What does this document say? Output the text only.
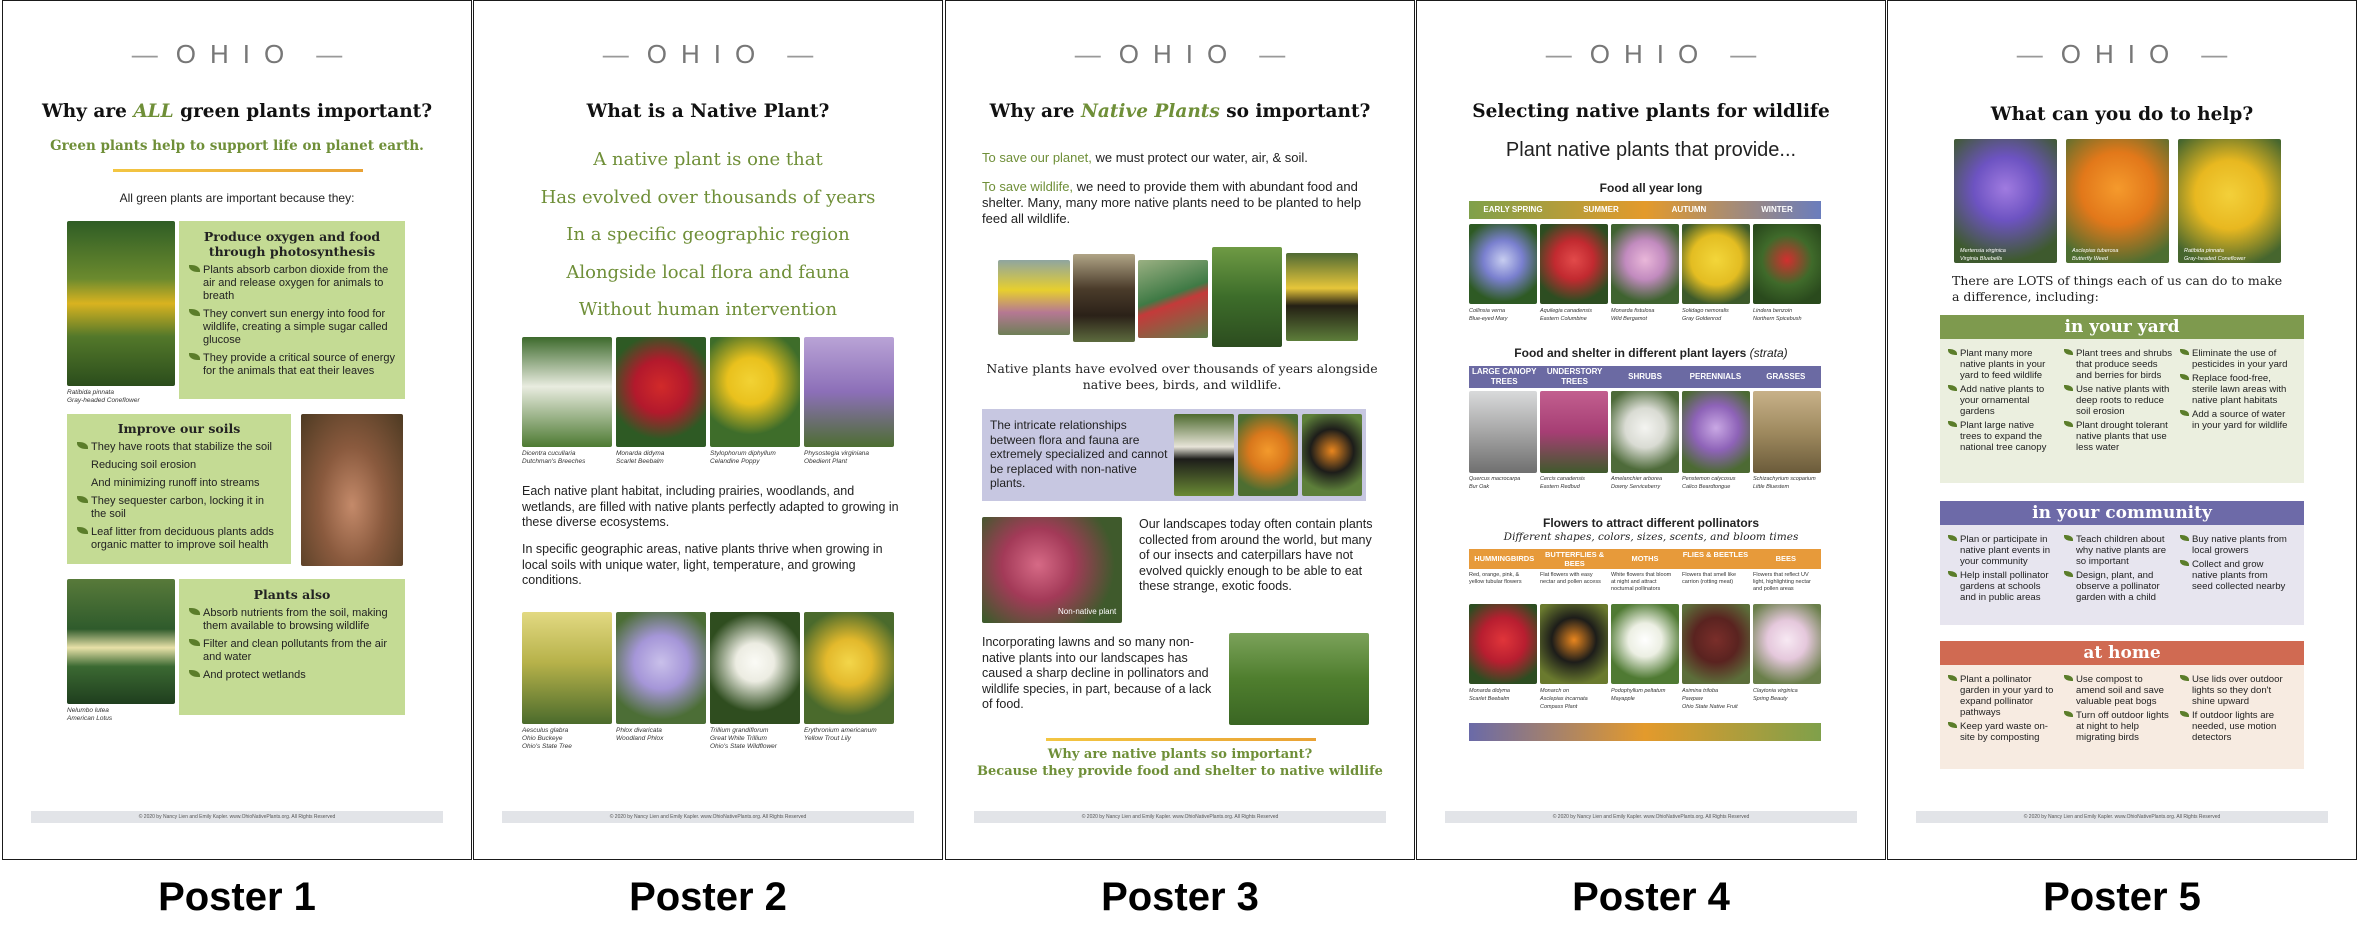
— OHIO —
Why are ALL green plants important?
Green plants help to support life on planet earth.
All green plants are important because they:
Ratibida pinnata
Gray-headed Coneflower
Produce oxygen and food through photosynthesis
Plants absorb carbon dioxide from the air and release oxygen for animals to breath
They convert sun energy into food for wildlife, creating a simple sugar called glucose
They provide a critical source of energy for the animals that eat their leaves
Improve our soils
They have roots that stabilize the soil
Reducing soil erosion
And minimizing runoff into streams
They sequester carbon, locking it in the soil
Leaf litter from deciduous plants adds organic matter to improve soil health
Nelumbo lutea
American Lotus
Plants also
Absorb nutrients from the soil, making them available to browsing wildlife
Filter and clean pollutants from the air and water
And protect wetlands
© 2020 by Nancy Lien and Emily Kapler. www.OhioNativePlants.org. All Rights Reserved
— OHIO —
What is a Native Plant?
A native plant is one that
Has evolved over thousands of years
In a specific geographic region
Alongside local flora and fauna
Without human intervention
Dicentra cucullaria
Dutchman's Breeches
Monarda didyma
Scarlet Beebalm
Stylophorum diphyllum
Celandine Poppy
Physostegia virginiana
Obedient Plant
Each native plant habitat, including prairies, woodlands, and wetlands, are filled with native plants perfectly adapted to growing in these diverse ecosystems.
In specific geographic areas, native plants thrive when growing in local soils with unique water, light, temperature, and growing conditions.
Aesculus glabra
Ohio Buckeye
Ohio's State Tree
Phlox divaricata
Woodland Phlox
Trillium grandiflorum
Great White Trillium
Ohio's State Wildflower
Erythronium americanum
Yellow Trout Lily
© 2020 by Nancy Lien and Emily Kapler. www.OhioNativePlants.org. All Rights Reserved
— OHIO —
Why are Native Plants so important?
To save our planet, we must protect our water, air, & soil.
To save wildlife, we need to provide them with abundant food and shelter. Many, many more native plants need to be planted to help feed all wildlife.
Native plants have evolved over thousands of years alongside native bees, birds, and wildlife.
The intricate relationships between flora and fauna are extremely specialized and cannot be replaced with non-native plants.
Non-native plant
Our landscapes today often contain plants collected from around the world, but many of our insects and caterpillars have not evolved quickly enough to be able to eat these strange, exotic foods.
Incorporating lawns and so many non- native plants into our landscapes has caused a sharp decline in pollinators and wildlife species, in part, because of a lack of food.
Why are native plants so important?
Because they provide food and shelter to native wildlife
© 2020 by Nancy Lien and Emily Kapler. www.OhioNativePlants.org. All Rights Reserved
— OHIO —
Selecting native plants for wildlife
Plant native plants that provide...
Food all year long
EARLY SPRING	SUMMER	AUTUMN	WINTER
Collinsia verna
Blue-eyed Mary
Aquilegia canadensis
Eastern Columbine
Monarda fistulosa
Wild Bergamot
Solidago nemoralis
Gray Goldenrod
Lindera benzoin
Northern Spicebush
Food and shelter in different plant layers (strata)
LARGE CANOPY TREES
UNDERSTORY TREES
SHRUBS	PERENNIALS	GRASSES
Quercus macrocarpa
Bur Oak
Cercis canadensis
Eastern Redbud
Amelanchier arborea
Downy Serviceberry
Penstemon calycosus
Calico Beardtongue
Schizachyrium scoparium
Little Bluestem
Flowers to attract different pollinators
Different shapes, colors, sizes, scents, and bloom times
HUMMINGBIRDS	BUTTERFLIES & BEES
MOTHS	FLIES & BEETLES	BEES
Red, orange, pink, & yellow tubular flowers
Flat flowers with easy nectar and pollen access
White flowers that bloom at night and attract nocturnal pollinators
Flowers that smell like carrion (rotting meat)
Flowers that reflect UV light, highlighting nectar and pollen areas
Monarda didyma
Scarlet Beebalm
Monarch on
Asclepias incarnata
Compass Plant
Podophyllum peltatum
Mayapple
Asimina triloba
Pawpaw
Ohio State Native Fruit
Claytonia virginica
Spring Beauty
© 2020 by Nancy Lien and Emily Kapler. www.OhioNativePlants.org. All Rights Reserved
— OHIO —
What can you do to help?
Mertensia virginica
Virginia Bluebells
Asclepias tuberosa
Butterfly Weed
Ratibida pinnata
Gray-headed Coneflower
There are LOTS of things each of us can do to make a difference, including:
in your yard
Plant many more native plants in your yard to feed wildlife
Add native plants to your ornamental gardens
Plant large native trees to expand the national tree canopy
Plant trees and shrubs that produce seeds and berries for birds
Use native plants with deep roots to reduce soil erosion
Plant drought tolerant native plants that use less water
Eliminate the use of pesticides in your yard
Replace food-free, sterile lawn areas with native plant habitats
Add a source of water in your yard for wildlife
in your community
Plan or participate in native plant events in your community
Help install pollinator gardens at schools and in public areas
Teach children about why native plants are so important
Design, plant, and observe a pollinator garden with a child
Buy native plants from local growers
Collect and grow native plants from seed collected nearby
at home
Plant a pollinator garden in your yard to expand pollinator pathways
Keep yard waste on-site by composting
Use compost to amend soil and save valuable peat bogs
Turn off outdoor lights at night to help migrating birds
Use lids over outdoor lights so they don't shine upward
If outdoor lights are needed, use motion detectors
© 2020 by Nancy Lien and Emily Kapler. www.OhioNativePlants.org. All Rights Reserved
Poster 1	Poster 2	Poster 3	Poster 4	Poster 5
